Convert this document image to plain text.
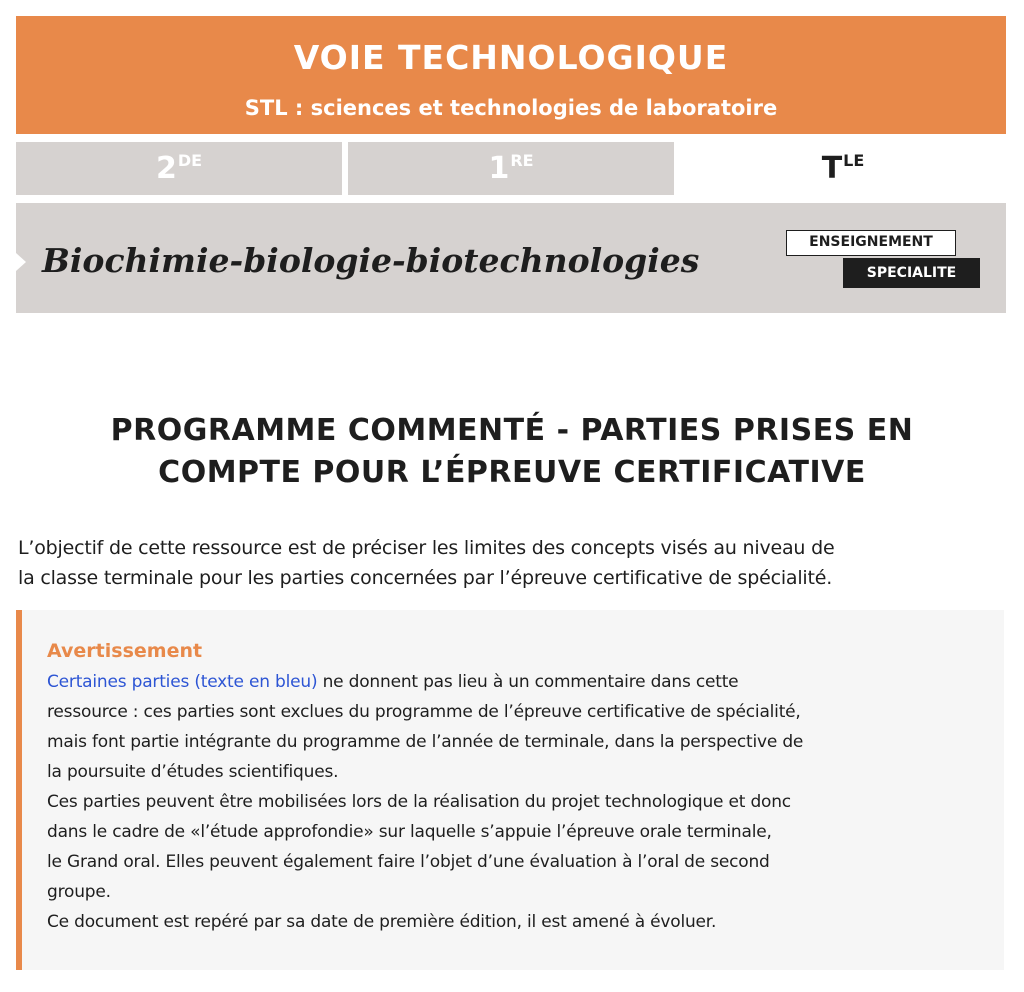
VOIE TECHNOLOGIQUE
STL : sciences et technologies de laboratoire
2DE	1RE	TLE
Biochimie-biologie-biotechnologies	ENSEIGNEMENT
SPECIALITE
PROGRAMME COMMENTÉ - PARTIES PRISES EN
COMPTE POUR L’ÉPREUVE CERTIFICATIVE
L’objectif de cette ressource est de préciser les limites des concepts visés au niveau de
la classe terminale pour les parties concernées par l’épreuve certificative de spécialité.
Avertissement
Certaines parties (texte en bleu) ne donnent pas lieu à un commentaire dans cette
ressource : ces parties sont exclues du programme de l’épreuve certificative de spécialité,
mais font partie intégrante du programme de l’année de terminale, dans la perspective de
la poursuite d’études scientifiques.
Ces parties peuvent être mobilisées lors de la réalisation du projet technologique et donc
dans le cadre de «l’étude approfondie» sur laquelle s’appuie l’épreuve orale terminale,
le Grand oral. Elles peuvent également faire l’objet d’une évaluation à l’oral de second
groupe.
Ce document est repéré par sa date de première édition, il est amené à évoluer.
